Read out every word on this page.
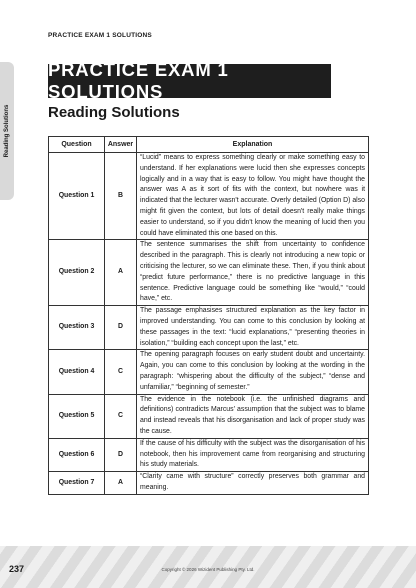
PRACTICE EXAM 1 SOLUTIONS
Reading Solutions
PRACTICE EXAM 1 SOLUTIONS
Reading Solutions
Question	Answer	Explanation
Question 1	B	“Lucid” means to express something clearly or make something easy to understand. If her explanations were lucid then she expresses concepts logically and in a way that is easy to follow. You might have thought the answer was A as it sort of fits with the context, but nowhere was it indicated that the lecturer wasn't accurate. Overly detailed (Option D) also might fit given the context, but lots of detail doesn't really make things easier to understand, so if you didn't know the meaning of lucid then you could have eliminated this one based on this.
Question 2	A	The sentence summarises the shift from uncertainty to confidence described in the paragraph. This is clearly not introducing a new topic or criticising the lecturer, so we can eliminate these. Then, if you think about “predict future performance,” there is no predictive language in this sentence. Predictive language could be something like “would,” “could have,” etc.
Question 3	D	The passage emphasises structured explanation as the key factor in improved understanding. You can come to this conclusion by looking at these passages in the text: “lucid explanations,” “presenting theories in isolation,” “building each concept upon the last,” etc.
Question 4	C	The opening paragraph focuses on early student doubt and uncertainty. Again, you can come to this conclusion by looking at the wording in the paragraph: “whispering about the difficulty of the subject,” “dense and unfamiliar,” “beginning of semester.”
Question 5	C	The evidence in the notebook (i.e. the unfinished diagrams and definitions) contradicts Marcus' assumption that the subject was to blame and instead reveals that his disorganisation and lack of proper study was the cause.
Question 6	D	If the cause of his difficulty with the subject was the disorganisation of his notebook, then his improvement came from reorganising and structuring his study materials.
Question 7	A	“Clarity came with structure” correctly preserves both grammar and meaning.
237	Copyright © 2026 Wizident Publishing Pty. Ltd.
